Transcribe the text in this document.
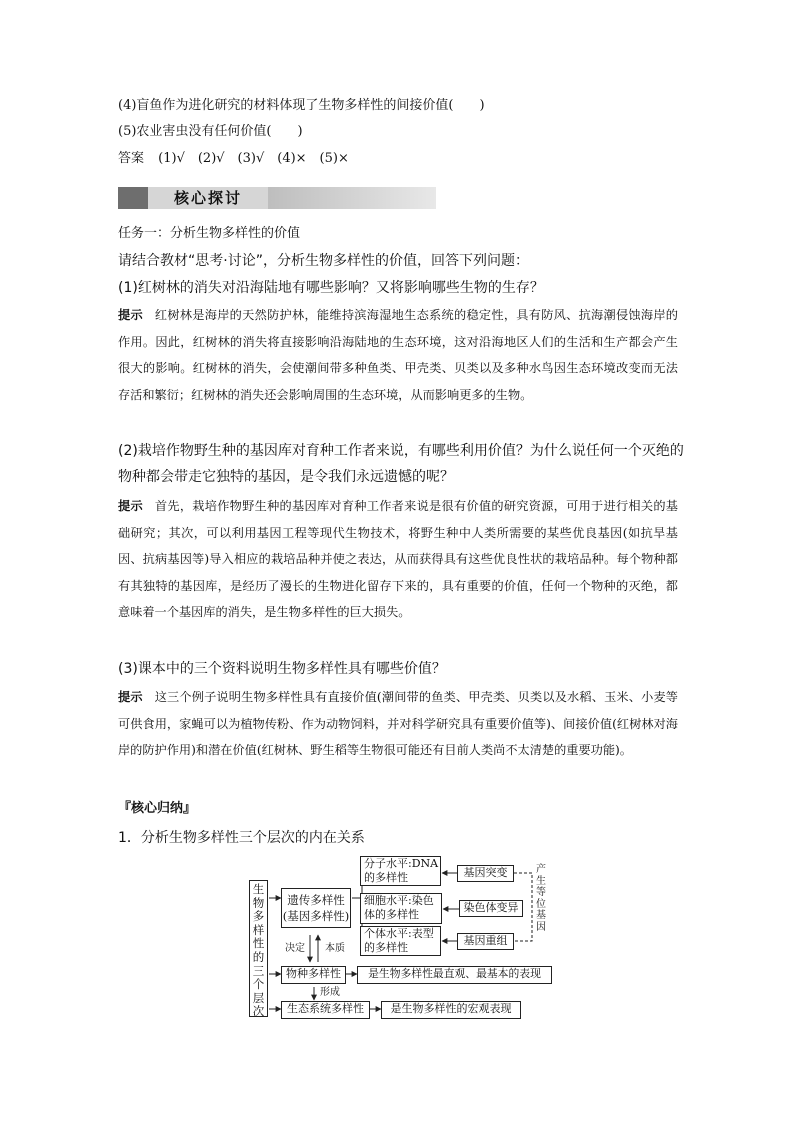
(4)盲鱼作为进化研究的材料体现了生物多样性的间接价值(　　)
(5)农业害虫没有任何价值(　　)
答案 (1)√　(2)√　(3)√　(4)×　(5)×
核心探讨
任务一：分析生物多样性的价值
请结合教材“思考·讨论”，分析生物多样性的价值，回答下列问题：
(1)红树林的消失对沿海陆地有哪些影响？又将影响哪些生物的生存？
提示 红树林是海岸的天然防护林，能维持滨海湿地生态系统的稳定性，具有防风、抗海潮侵蚀海岸的作用。因此，红树林的消失将直接影响沿海陆地的生态环境，这对沿海地区人们的生活和生产都会产生很大的影响。红树林的消失，会使潮间带多种鱼类、甲壳类、贝类以及多种水鸟因生态环境改变而无法存活和繁衍；红树林的消失还会影响周围的生态环境，从而影响更多的生物。
(2)栽培作物野生种的基因库对育种工作者来说，有哪些利用价值？为什么说任何一个灭绝的
物种都会带走它独特的基因，是令我们永远遗憾的呢？
提示 首先，栽培作物野生种的基因库对育种工作者来说是很有价值的研究资源，可用于进行相关的基础研究；其次，可以利用基因工程等现代生物技术，将野生种中人类所需要的某些优良基因(如抗旱基因、抗病基因等)导入相应的栽培品种并使之表达，从而获得具有这些优良性状的栽培品种。每个物种都有其独特的基因库，是经历了漫长的生物进化留存下来的，具有重要的价值，任何一个物种的灭绝，都意味着一个基因库的消失，是生物多样性的巨大损失。
(3)课本中的三个资料说明生物多样性具有哪些价值？
提示 这三个例子说明生物多样性具有直接价值(潮间带的鱼类、甲壳类、贝类以及水稻、玉米、小麦等可供食用，家蝇可以为植物传粉、作为动物饲料，并对科学研究具有重要价值等)、间接价值(红树林对海岸的防护作用)和潜在价值(红树林、野生稻等生物很可能还有目前人类尚不太清楚的重要功能)。
『核心归纳』
1．分析生物多样性三个层次的内在关系
生物多样性的三个层次
遗传多样性(基因多样性)
分子水平:DNA的多样性
细胞水平:染色体的多样性
个体水平:表型的多样性
基因突变
染色体变异
基因重组
产生等位基因
决定 本质
物种多样性	是生物多样性最直观、最基本的表现
形成
生态系统多样性	是生物多样性的宏观表现
